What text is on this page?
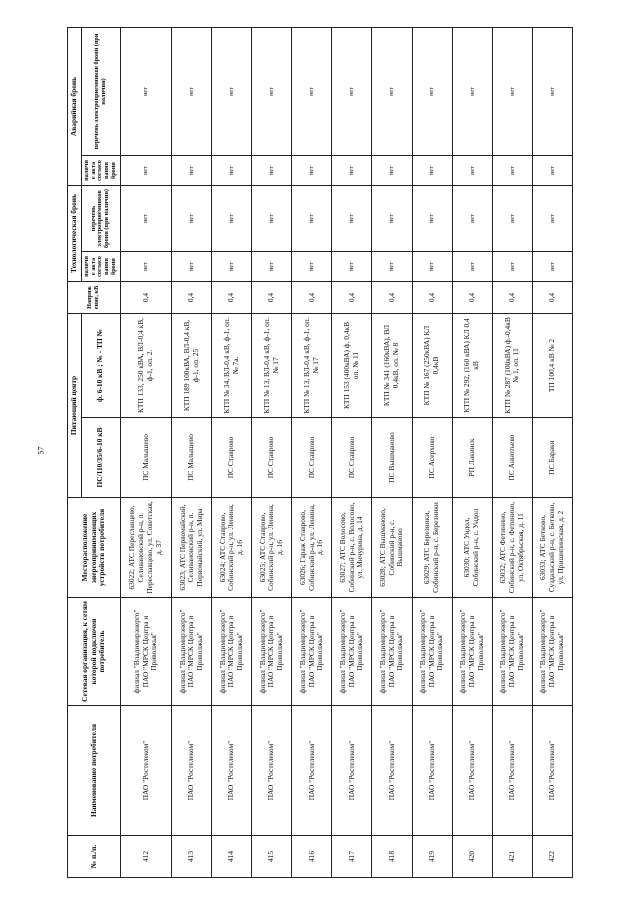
57
№ п./п.	Наименование потребителя	Сетевая организация, к сетям которой подключен потребитель	Месторасположение энергопринимающих устройств потребителя	Питающий центр		Напряжение, кВ	Технологическая бронь		Аварийная бронь	
				ПС/110/35/6-10 кВ	ф. 6-10 кВ ; № - ТП №		наличие акта согласования брони	перечень электроприемников брони (при наличии)	наличие акта согласования брони	перечень электроприемников брони (при наличии)
412	ПАО "Ростелеком"	филиал "Владимирэнерго" ПАО "МРСК Центра и Приволжья"	63022; АТС Переславцево, Селивановский р-н, п. Переславцево, ул. Советская, д. 37	ПС Малышево	КТП 133, 250 кВА, ВЛ-0,4 кВ, ф-1, оп. 2.	0,4	нет	нет	нет	нет
413	ПАО "Ростелеком"	филиал "Владимирэнерго" ПАО "МРСК Центра и Приволжья"	63023; АТС Первомайский, Селивановский р-н, п. Первомайский, ул. Мира	ПС Малышево	КТП 189 100кВА, ВЛ-0,4 кВ, ф-1, оп. 25	0,4	нет	нет	нет	нет
414	ПАО "Ростелеком"	филиал "Владимирэнерго" ПАО "МРСК Центра и Приволжья"	63024; АТС Ставрово, Собинский р-н, ул. Ленина, д. 16	ПС Ставрово	КТП № 34, ВЛ-0,4 кВ, ф-1, оп. № 7а.	0,4	нет	нет	нет	нет
415	ПАО "Ростелеком"	филиал "Владимирэнерго" ПАО "МРСК Центра и Приволжья"	63025; АТС Ставрово, Собинский р-н, ул. Ленина, д. 16	ПС Ставрово	КТП № 13, ВЛ-0,4 кВ, ф-1, оп. № 17	0,4	нет	нет	нет	нет
416	ПАО "Ростелеком"	филиал "Владимирэнерго" ПАО "МРСК Центра и Приволжья"	63026; Гараж Ставрово, Собинский р-н, ул. Ленина, д. 16	ПС Ставрово	КТП № 13, ВЛ-0,4 кВ, ф-1, оп. № 17	0,4	нет	нет	нет	нет
417	ПАО "Ростелеком"	филиал "Владимирэнерго" ПАО "МРСК Центра и Приволжья"	63027; АТС Волосово, Собинский р-н, с. Волосово, ул. Мичурина, д. 14	ПС Ставрово	КТП 153 (400кВА) ф. 0,4кВ оп. № 11	0,4	нет	нет	нет	нет
418	ПАО "Ростелеком"	филиал "Владимирэнерго" ПАО "МРСК Центра и Приволжья"	63028; АТС Вышманово, Собинский р-н, с. Вышманово	ПС Вышманово	КТП № 341 (160кВА), ВЛ 0,4кВ, оп. № 8	0,4	нет	нет	нет	нет
419	ПАО "Ростелеком"	филиал "Владимирэнерго" ПАО "МРСК Центра и Приволжья"	63029; АТС Березники, Собинский р-н, с. Березники	ПС Асерхово	КТП № 167 (250кВА) КЛ 0,4кВ	0,4	нет	нет	нет	нет
420	ПАО "Ростелеком"	филиал "Владимирэнерго" ПАО "МРСК Центра и Приволжья"	63030; АТС Ундол, Собинский р-н, с. Ундол	РП Лакинск	КТП № 292, (160 кВА) КЛ 0,4 кВ	0,4	нет	нет	нет	нет
421	ПАО "Ростелеком"	филиал "Владимирэнерго" ПАО "МРСК Центра и Приволжья"	63032; АТС Фетинино, Собинский р-н, с. Фетинино, ул. Октябрьская, д. 11	ПС Аннотьево	КТП № 287 (100кВА) ф.-0,4кВ № 1, оп. 11	0,4	нет	нет	нет	нет
422	ПАО "Ростелеком"	филиал "Владимирэнерго" ПАО "МРСК Центра и Приволжья"	63033; АТС Бетково, Суздальский р-н, с. Бетково, ул. Пришипинская, д. 2	ПС Бараки	ТП 100,4 кВ № 2	0,4	нет	нет	нет	нет
